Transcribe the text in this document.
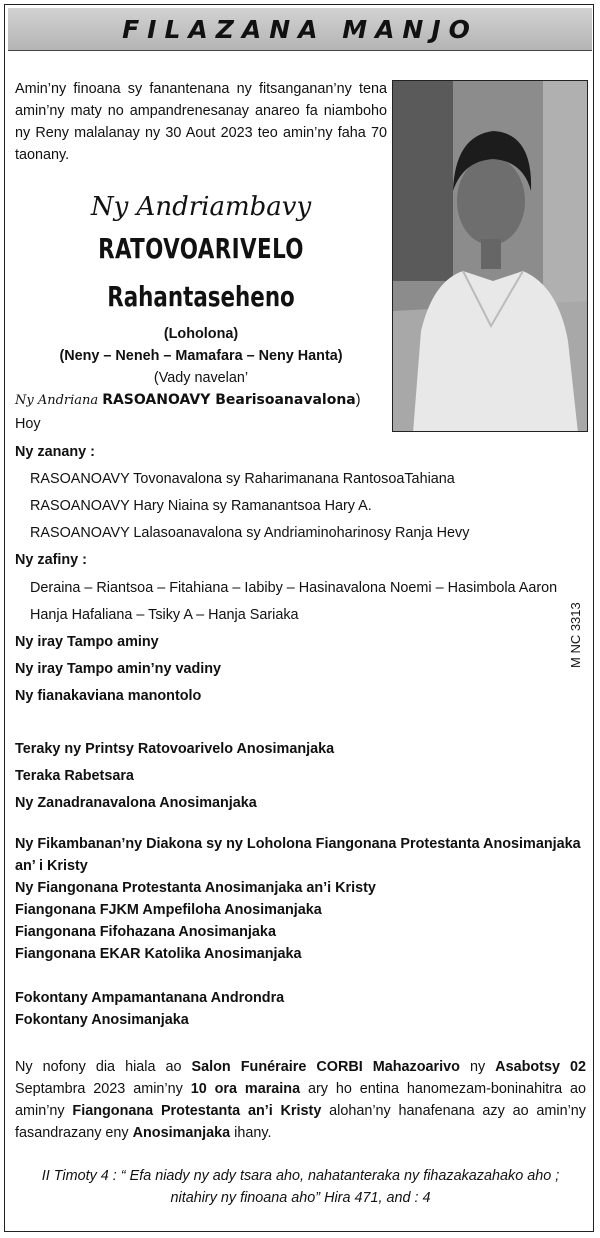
FILAZANA MANJO
Amin’ny finoana sy fanantenana ny fitsanganan’ny tena amin’ny maty no ampandrenesanay anareo fa niamboho ny Reny malalanay ny 30 Aout 2023 teo amin’ny faha 70 taonany.
Ny Andriambavy
RATOVOARIVELO
Rahantaseheno
(Loholona)
(Neny – Neneh – Mamafara – Neny Hanta)
(Vady navelan’
Ny Andriana RASOANOAVY Bearisoanavalona)
Hoy
Ny zanany :
RASOANOAVY Tovonavalona sy Raharimanana RantosoaTahiana
RASOANOAVY Hary Niaina sy Ramanantsoa Hary A.
RASOANOAVY Lalasoanavalona sy Andriaminoharinosy Ranja Hevy
Ny zafiny :
Deraina – Riantsoa – Fitahiana – Iabiby – Hasinavalona Noemi – Hasimbola Aaron
Hanja Hafaliana – Tsiky A – Hanja Sariaka
Ny iray Tampo aminy
Ny iray Tampo amin’ny vadiny
Ny fianakaviana manontolo
M NC 3313
Teraky ny Printsy Ratovoarivelo Anosimanjaka
Teraka Rabetsara
Ny Zanadranavalona Anosimanjaka
Ny Fikambanan’ny Diakona sy ny Loholona Fiangonana Protestanta Anosimanjaka
an’ i Kristy
Ny Fiangonana Protestanta Anosimanjaka an’i Kristy
Fiangonana FJKM Ampefiloha Anosimanjaka
Fiangonana Fifohazana Anosimanjaka
Fiangonana EKAR Katolika Anosimanjaka
Fokontany Ampamantanana Androndra
Fokontany Anosimanjaka
Ny nofony dia hiala ao Salon Funéraire CORBI Mahazoarivo ny Asabotsy 02 Septambra 2023 amin’ny 10 ora maraina ary ho entina hanomezam-boninahitra ao amin’ny Fiangonana Protestanta an’i Kristy alohan’ny hanafenana azy ao amin’ny fasandrazany eny Anosimanjaka ihany.
II Timoty 4 : “ Efa niady ny ady tsara aho, nahatanteraka ny fihazakazahako aho ;
nitahiry ny finoana aho” Hira 471, and : 4
